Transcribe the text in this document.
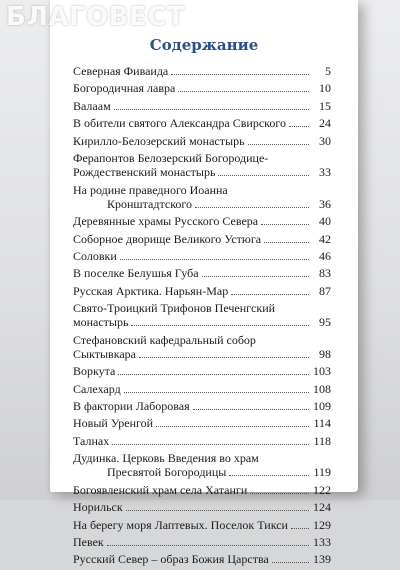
БЛАГОВЕСТ
Содержание
Северная Фиваида	5
Богородичная лавра	10
Валаам	15
В обители святого Александра Свирского	24
Кирилло-Белозерский монастырь	30
Ферапонтов Белозерский Богородице-
Рождественский монастырь	33
На родине праведного Иоанна
Кронштадтского	36
Деревянные храмы Русского Севера	40
Соборное дворище Великого Устюга	42
Соловки	46
В поселке Белушья Губа	83
Русская Арктика. Нарьян-Мар	87
Свято-Троицкий Трифонов Печенгский
монастырь	95
Стефановский кафедральный собор
Сыктывкара	98
Воркута	103
Салехард	108
В фактории Лаборовая	109
Новый Уренгой	114
Талнах	118
Дудинка. Церковь Введения во храм
Пресвятой Богородицы	119
Богоявленский храм села Хатанги	122
Норильск	124
На берегу моря Лаптевых. Поселок Тикси 129
Певек	133
Русский Север – образ Божия Царства	139
